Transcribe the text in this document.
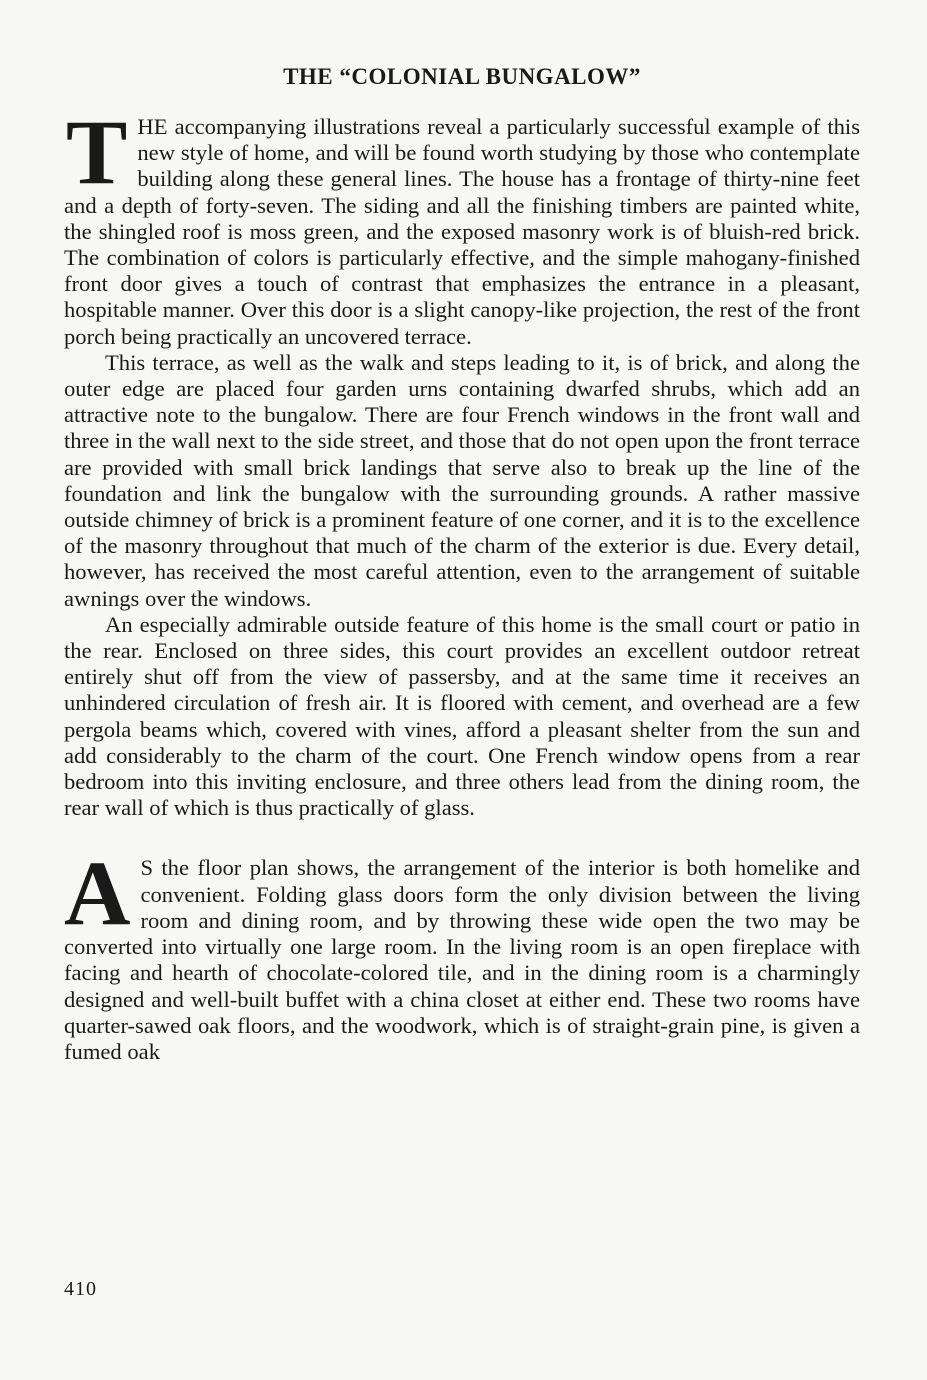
THE “COLONIAL BUNGALOW”

THE accompanying illustrations reveal a particularly successful example of this new style of home, and will be found worth studying by those who contemplate building along these general lines. The house has a frontage of thirty-nine feet and a depth of forty-seven. The siding and all the finishing timbers are painted white, the shingled roof is moss green, and the exposed masonry work is of bluish-red brick. The combination of colors is particularly effective, and the simple mahogany-finished front door gives a touch of contrast that emphasizes the entrance in a pleasant, hospitable manner. Over this door is a slight canopy-like projection, the rest of the front porch being practically an uncovered terrace.

This terrace, as well as the walk and steps leading to it, is of brick, and along the outer edge are placed four garden urns containing dwarfed shrubs, which add an attractive note to the bungalow. There are four French windows in the front wall and three in the wall next to the side street, and those that do not open upon the front terrace are provided with small brick landings that serve also to break up the line of the foundation and link the bungalow with the surrounding grounds. A rather massive outside chimney of brick is a prominent feature of one corner, and it is to the excellence of the masonry throughout that much of the charm of the exterior is due. Every detail, however, has received the most careful attention, even to the arrangement of suitable awnings over the windows.

An especially admirable outside feature of this home is the small court or patio in the rear. Enclosed on three sides, this court provides an excellent outdoor retreat entirely shut off from the view of passersby, and at the same time it receives an unhindered circulation of fresh air. It is floored with cement, and overhead are a few pergola beams which, covered with vines, afford a pleasant shelter from the sun and add considerably to the charm of the court. One French window opens from a rear bedroom into this inviting enclosure, and three others lead from the dining room, the rear wall of which is thus practically of glass.

A S the floor plan shows, the arrangement of the interior is both homelike and convenient. Folding glass doors form the only division between the living room and dining room, and by throwing these wide open the two may be converted into virtually one large room. In the living room is an open fireplace with facing and hearth of chocolate-colored tile, and in the dining room is a charmingly designed and well-built buffet with a china closet at either end. These two rooms have quarter-sawed oak floors, and the woodwork, which is of straight-grain pine, is given a fumed oak

410
